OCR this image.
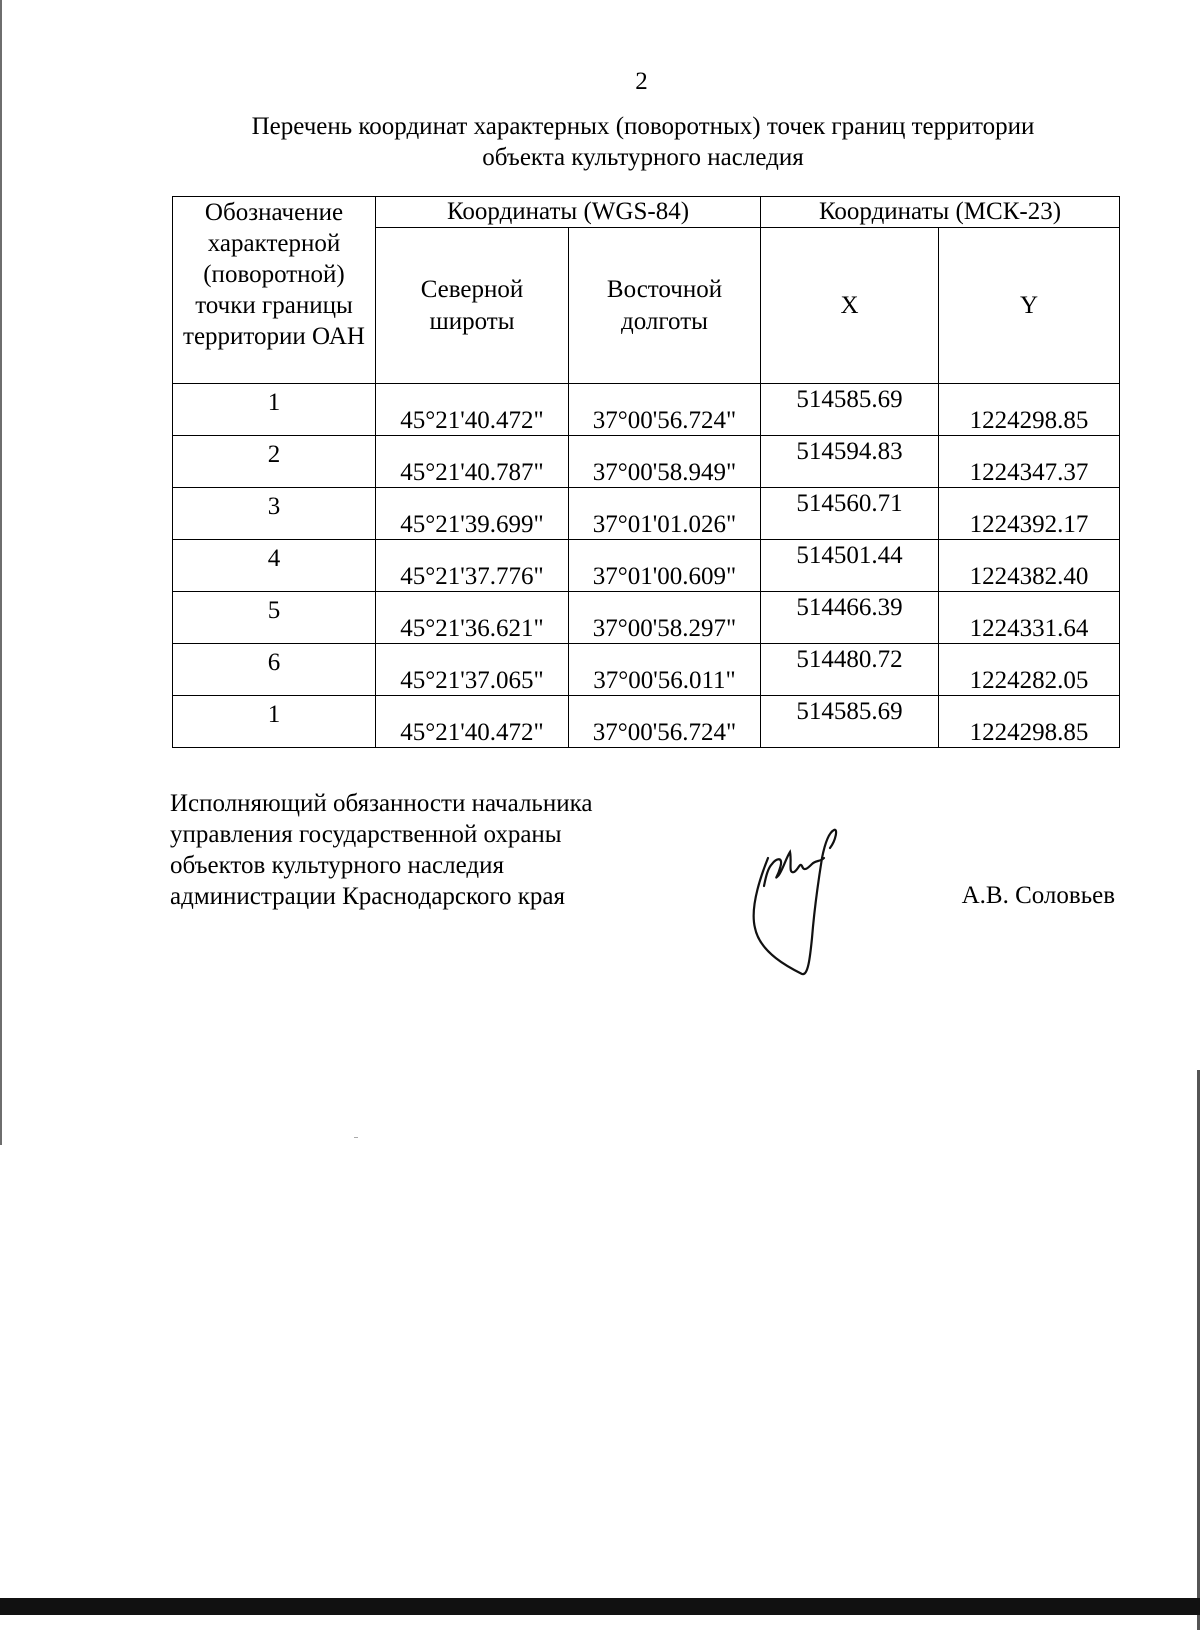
2
Перечень координат характерных (поворотных) точек границ территории
объекта культурного наследия
Обозначение характерной (поворотной) точки границы территории ОАН	Координаты (WGS-84)		Координаты (МСК-23)	
	Северной широты	Восточной долготы	X	Y
1	45°21'40.472"	37°00'56.724"	514585.69	1224298.85
2	45°21'40.787"	37°00'58.949"	514594.83	1224347.37
3	45°21'39.699"	37°01'01.026"	514560.71	1224392.17
4	45°21'37.776"	37°01'00.609"	514501.44	1224382.40
5	45°21'36.621"	37°00'58.297"	514466.39	1224331.64
6	45°21'37.065"	37°00'56.011"	514480.72	1224282.05
1	45°21'40.472"	37°00'56.724"	514585.69	1224298.85
Исполняющий обязанности начальника
управления государственной охраны
объектов культурного наследия
администрации Краснодарского края	А.В. Соловьев
